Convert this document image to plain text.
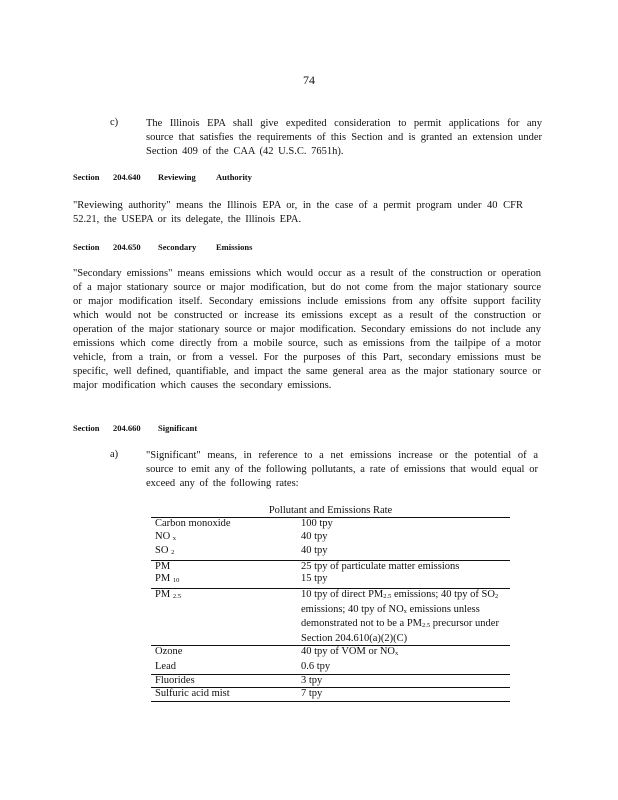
74
c)	The Illinois EPA shall give expedited consideration to permit applications for any source that satisfies the requirements of this Section and is granted an extension under Section 409 of the CAA (42 U.S.C. 7651h).
Section 204.640 Reviewing Authority
"Reviewing authority" means the Illinois EPA or, in the case of a permit program under 40 CFR 52.21, the USEPA or its delegate, the Illinois EPA.
Section 204.650 Secondary Emissions
"Secondary emissions" means emissions which would occur as a result of the construction or operation of a major stationary source or major modification, but do not come from the major stationary source or major modification itself. Secondary emissions include emissions from any offsite support facility which would not be constructed or increase its emissions except as a result of the construction or operation of the major stationary source or major modification. Secondary emissions do not include any emissions which come directly from a mobile source, such as emissions from the tailpipe of a motor vehicle, from a train, or from a vessel. For the purposes of this Part, secondary emissions must be specific, well defined, quantifiable, and impact the same general area as the major stationary source or major modification which causes the secondary emissions.
Section 204.660 Significant
a)	"Significant" means, in reference to a net emissions increase or the potential of a source to emit any of the following pollutants, a rate of emissions that would equal or exceed any of the following rates:
Pollutant and Emissions Rate
Carbon monoxide	100 tpy
NO $_x$	40 tpy
SO $_2$	40 tpy
PM	25 tpy of particulate matter emissions
PM $_{10}$	15 tpy
PM $_{2.5}$	10 tpy of direct $PM_{2.5}$ emissions; 40 tpy of $SO_2$ emissions; 40 tpy of $NO_x$ emissions unless demonstrated not to be a $PM_{2.5}$ precursor under Section 204.610(a)(2)(C)
Ozone	40 tpy of VOM or $NO_x$
Lead	0.6 tpy
Fluorides	3 tpy
Sulfuric acid mist	7 tpy
